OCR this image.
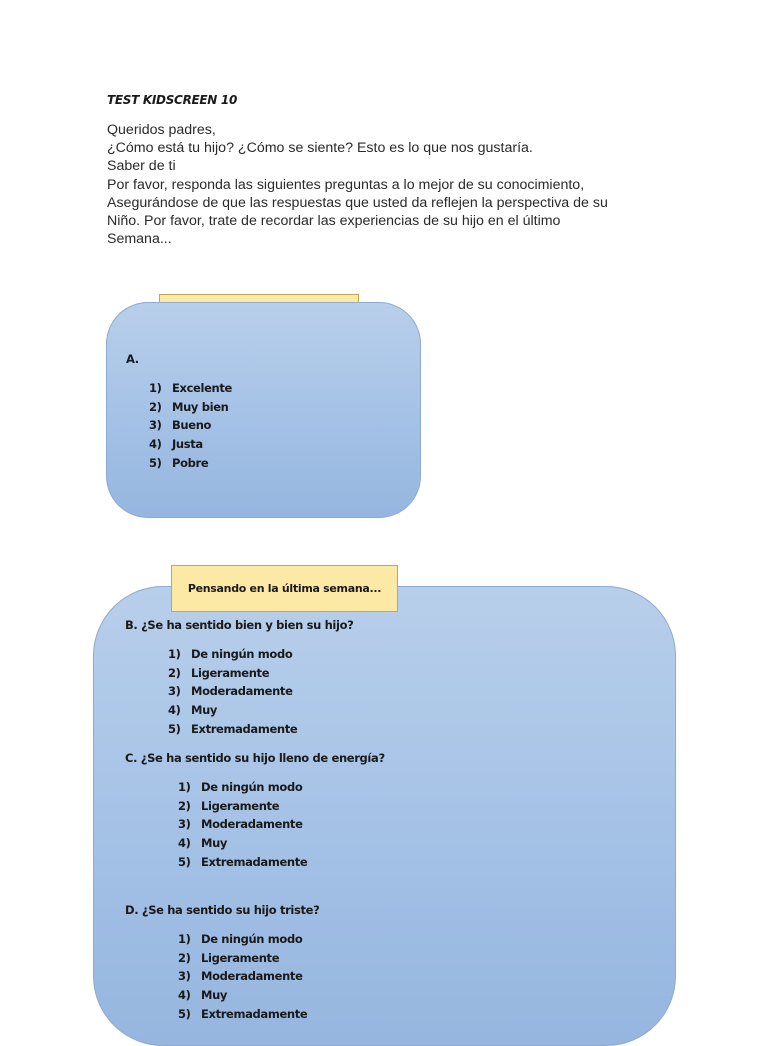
TEST KIDSCREEN 10
Queridos padres,
¿Cómo está tu hijo? ¿Cómo se siente? Esto es lo que nos gustaría.
Saber de ti
Por favor, responda las siguientes preguntas a lo mejor de su conocimiento,
Asegurándose de que las respuestas que usted da reflejen la perspectiva de su
Niño. Por favor, trate de recordar las experiencias de su hijo en el último
Semana...
A.
1) Excelente
2) Muy bien
3) Bueno
4) Justa
5) Pobre
Pensando en la última semana...
B. ¿Se ha sentido bien y bien su hijo?
1) De ningún modo
2) Ligeramente
3) Moderadamente
4) Muy
5) Extremadamente
C. ¿Se ha sentido su hijo lleno de energía?
1) De ningún modo
2) Ligeramente
3) Moderadamente
4) Muy
5) Extremadamente
D. ¿Se ha sentido su hijo triste?
1) De ningún modo
2) Ligeramente
3) Moderadamente
4) Muy
5) Extremadamente
